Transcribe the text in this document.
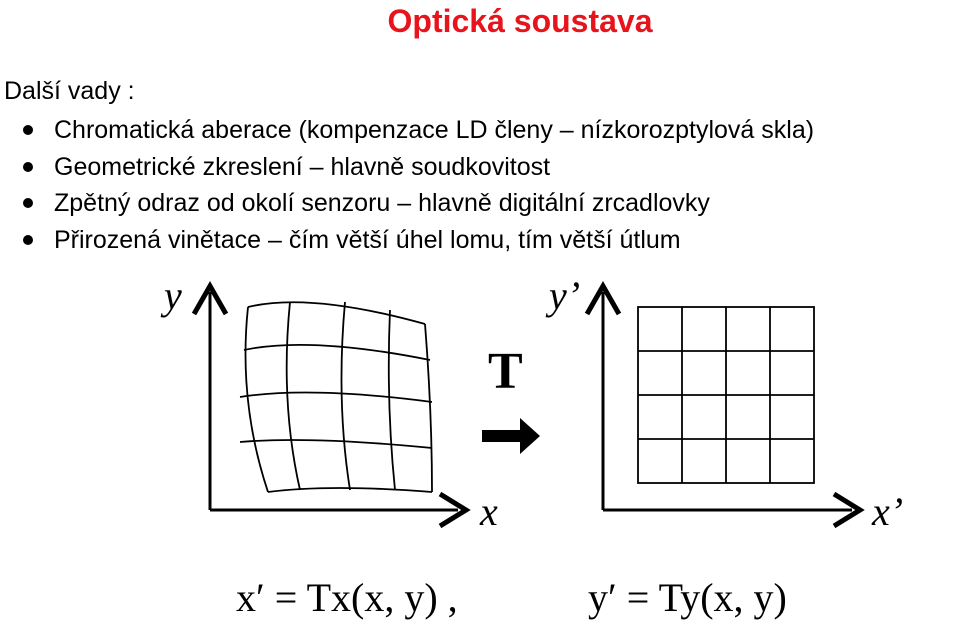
Optická soustava
Další vady :
Chromatická aberace (kompenzace LD členy – nízkorozptylová skla)
Geometrické zkreslení – hlavně soudkovitost
Zpětný odraz od okolí senzoru – hlavně digitální zrcadlovky
Přirozená vinětace – čím větší úhel lomu, tím větší útlum
y
x
T
y’
x’
x′ = Tx(x, y) ,	y′ = Ty(x, y)
